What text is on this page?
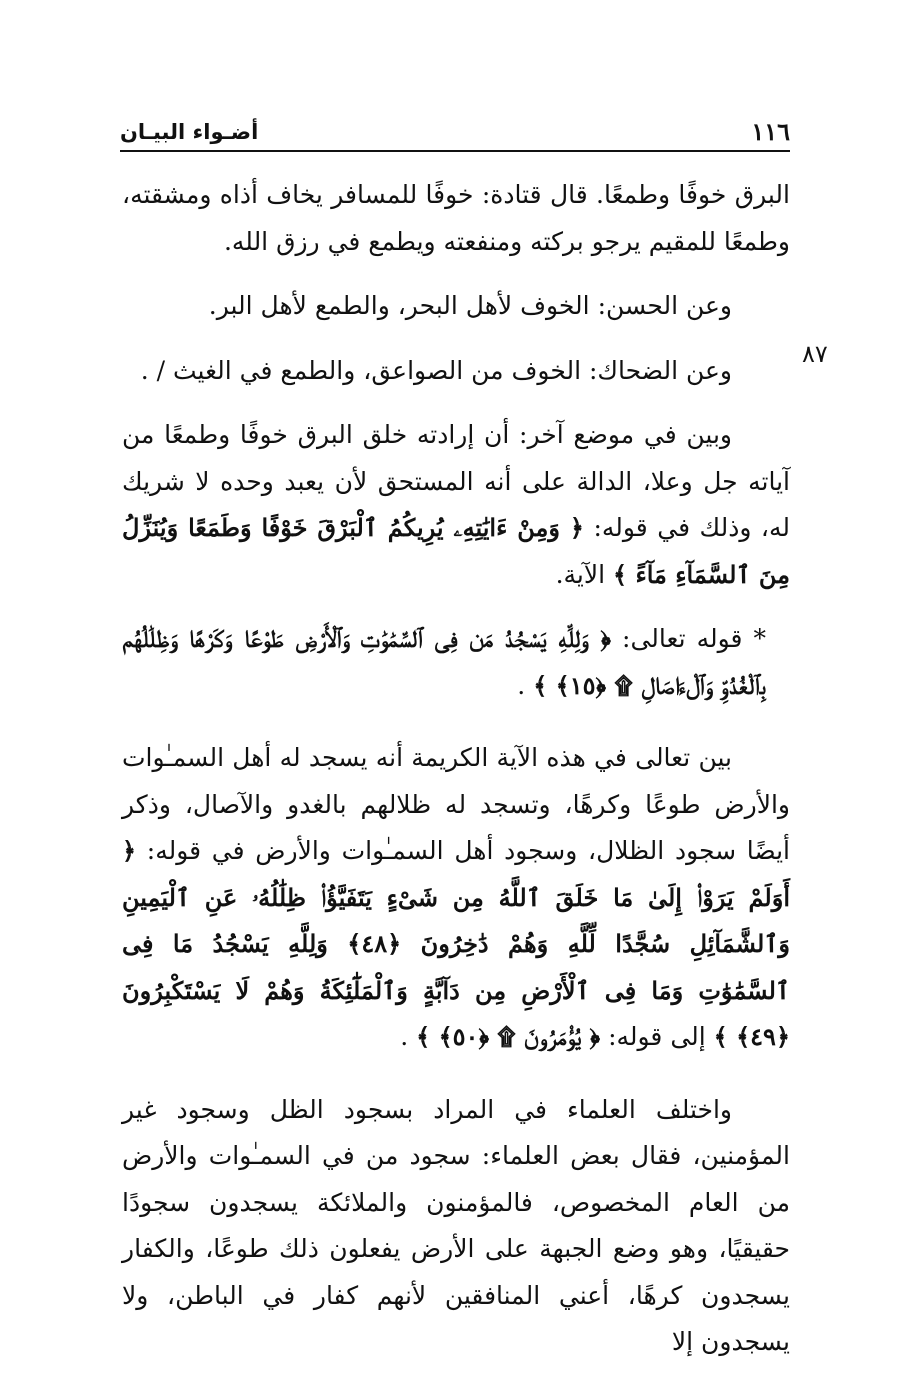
أضـواء البيـان	١١٦
٨٧

البرق خوفًا وطمعًا. قال قتادة: خوفًا للمسافر يخاف أذاه ومشقته، وطمعًا للمقيم يرجو بركته ومنفعته ويطمع في رزق الله.

وعن الحسن: الخوف لأهل البحر، والطمع لأهل البر.

وعن الضحاك: الخوف من الصواعق، والطمع في الغيث / .

وبين في موضع آخر: أن إرادته خلق البرق خوفًا وطمعًا من آياته جل وعلا، الدالة على أنه المستحق لأن يعبد وحده لا شريك له، وذلك في قوله: ﴿ وَمِنْ ءَايَٰتِهِۦ يُرِيكُمُ ٱلْبَرْقَ خَوْفًا وَطَمَعًا وَيُنَزِّلُ مِنَ ٱلسَّمَآءِ مَآءً ﴾ الآية.

* قوله تعالى: ﴿ وَلِلَّهِ يَسْجُدُ مَن فِى ٱلسَّمَٰوَٰتِ وَٱلْأَرْضِ طَوْعًا وَكَرْهًا وَظِلَٰلُهُم بِٱلْغُدُوِّ وَٱلْءَاصَالِ ۩ ﴿١٥﴾ ﴾ .

بين تعالى في هذه الآية الكريمة أنه يسجد له أهل السمـٰوات والأرض طوعًا وكرهًا، وتسجد له ظلالهم بالغدو والآصال، وذكر أيضًا سجود الظلال، وسجود أهل السمـٰوات والأرض في قوله: ﴿ أَوَلَمْ يَرَوْا۟ إِلَىٰ مَا خَلَقَ ٱللَّهُ مِن شَىْءٍ يَتَفَيَّؤُا۟ ظِلَٰلُهُۥ عَنِ ٱلْيَمِينِ وَٱلشَّمَآئِلِ سُجَّدًا لِّلَّهِ وَهُمْ دَٰخِرُونَ ﴿٤٨﴾ وَلِلَّهِ يَسْجُدُ مَا فِى ٱلسَّمَٰوَٰتِ وَمَا فِى ٱلْأَرْضِ مِن دَآبَّةٍ وَٱلْمَلَٰٓئِكَةُ وَهُمْ لَا يَسْتَكْبِرُونَ ﴿٤٩﴾ ﴾ إلى قوله: ﴿ يُؤْمَرُونَ ۩ ﴿٥٠﴾ ﴾ .

واختلف العلماء في المراد بسجود الظل وسجود غير المؤمنين، فقال بعض العلماء: سجود من في السمـٰوات والأرض من العام المخصوص، فالمؤمنون والملائكة يسجدون سجودًا حقيقيًا، وهو وضع الجبهة على الأرض يفعلون ذلك طوعًا، والكفار يسجدون كرهًا، أعني المنافقين لأنهم كفار في الباطن، ولا يسجدون إلا
